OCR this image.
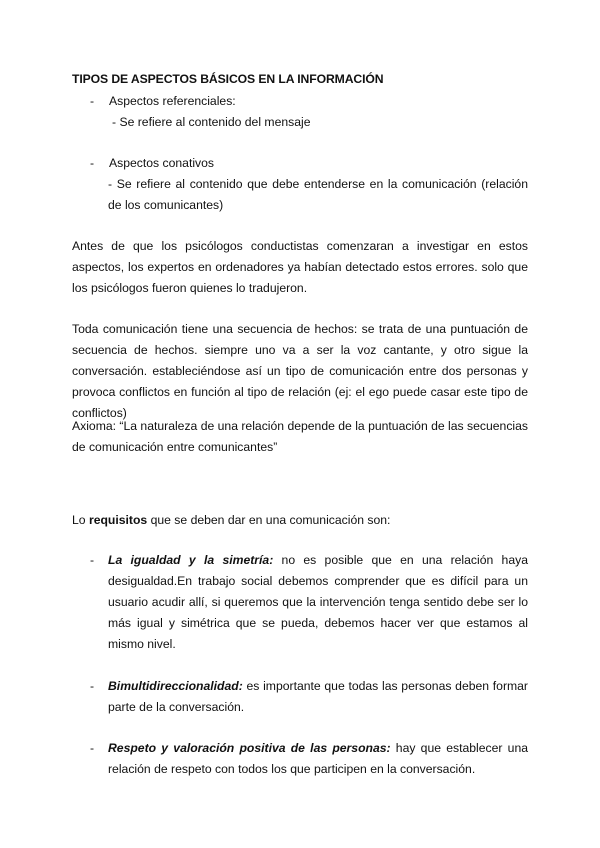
TIPOS DE ASPECTOS BÁSICOS EN LA INFORMACIÓN
- Aspectos referenciales:
- Se refiere al contenido del mensaje
- Aspectos conativos
- Se refiere al contenido que debe entenderse en la comunicación (relación de los comunicantes)
Antes de que los psicólogos conductistas comenzaran a investigar en estos aspectos, los expertos en ordenadores ya habían detectado estos errores. solo que los psicólogos fueron quienes lo tradujeron.
Toda comunicación tiene una secuencia de hechos: se trata de una puntuación de secuencia de hechos. siempre uno va a ser la voz cantante, y otro sigue la conversación. estableciéndose así un tipo de comunicación entre dos personas y provoca conflictos en función al tipo de relación (ej: el ego puede casar este tipo de conflictos)
Axioma: “La naturaleza de una relación depende de la puntuación de las secuencias de comunicación entre comunicantes”
Lo requisitos que se deben dar en una comunicación son:
- La igualdad y la simetría: no es posible que en una relación haya desigualdad.En trabajo social debemos comprender que es difícil para un usuario acudir allí, si queremos que la intervención tenga sentido debe ser lo más igual y simétrica que se pueda, debemos hacer ver que estamos al mismo nivel.
- Bimultidireccionalidad: es importante que todas las personas deben formar parte de la conversación.
- Respeto y valoración positiva de las personas: hay que establecer una relación de respeto con todos los que participen en la conversación.
